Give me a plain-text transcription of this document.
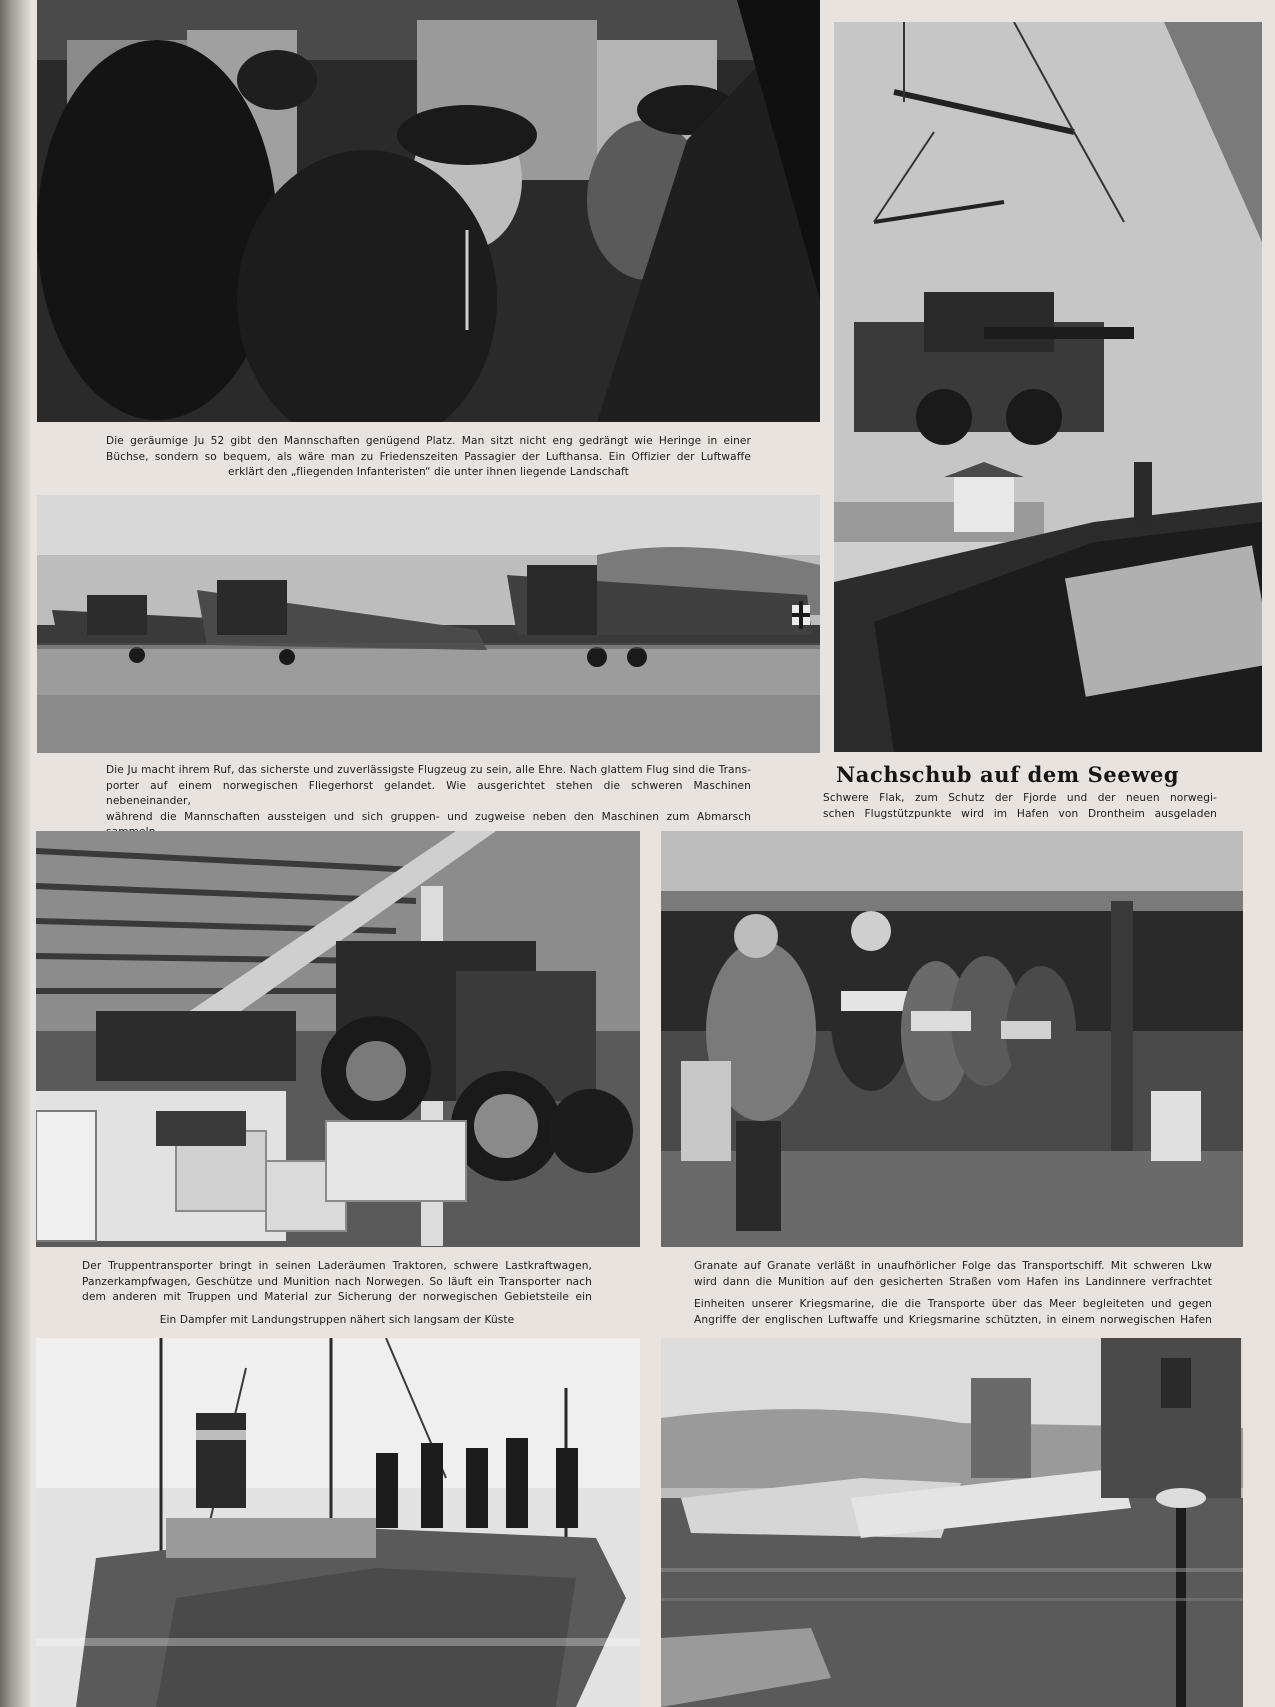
Die geräumige Ju 52 gibt den Mannschaften genügend Platz. Man sitzt nicht eng gedrängt wie Heringe in einer
Büchse, sondern so bequem, als wäre man zu Friedenszeiten Passagier der Lufthansa. Ein Offizier der Luftwaffe
erklärt den „fliegenden Infanteristen“ die unter ihnen liegende Landschaft

Die Ju macht ihrem Ruf, das sicherste und zuverlässigste Flugzeug zu sein, alle Ehre. Nach glattem Flug sind die Trans-
porter auf einem norwegischen Fliegerhorst gelandet. Wie ausgerichtet stehen die schweren Maschinen nebeneinander,
während die Mannschaften aussteigen und sich gruppen- und zugweise neben den Maschinen zum Abmarsch

Nachschub auf dem Seeweg

Schwere Flak, zum Schutz der Fjorde und der neuen norwegi-
schen Flugstützpunkte wird im Hafen von Drontheim ausgeladen

Der Truppentransporter bringt in seinen Laderäumen Traktoren, schwere Lastkraftwagen,
Panzerkampfwagen, Geschütze und Munition nach Norwegen. So läuft ein Transporter nach
dem anderen mit Truppen und Material zur Sicherung der norwegischen Gebietsteile ein

Granate auf Granate verläßt in unaufhörlicher Folge das Transportschiff. Mit schweren Lkw
wird dann die Munition auf den gesicherten Straßen vom Hafen ins Landinnere verfrachtet

Ein Dampfer mit Landungstruppen nähert sich langsam der Küste

Einheiten unserer Kriegsmarine, die die Transporte über das Meer begleiteten und gegen
Angriffe der englischen Luftwaffe und Kriegsmarine schützten, in einem norwegischen Hafen
